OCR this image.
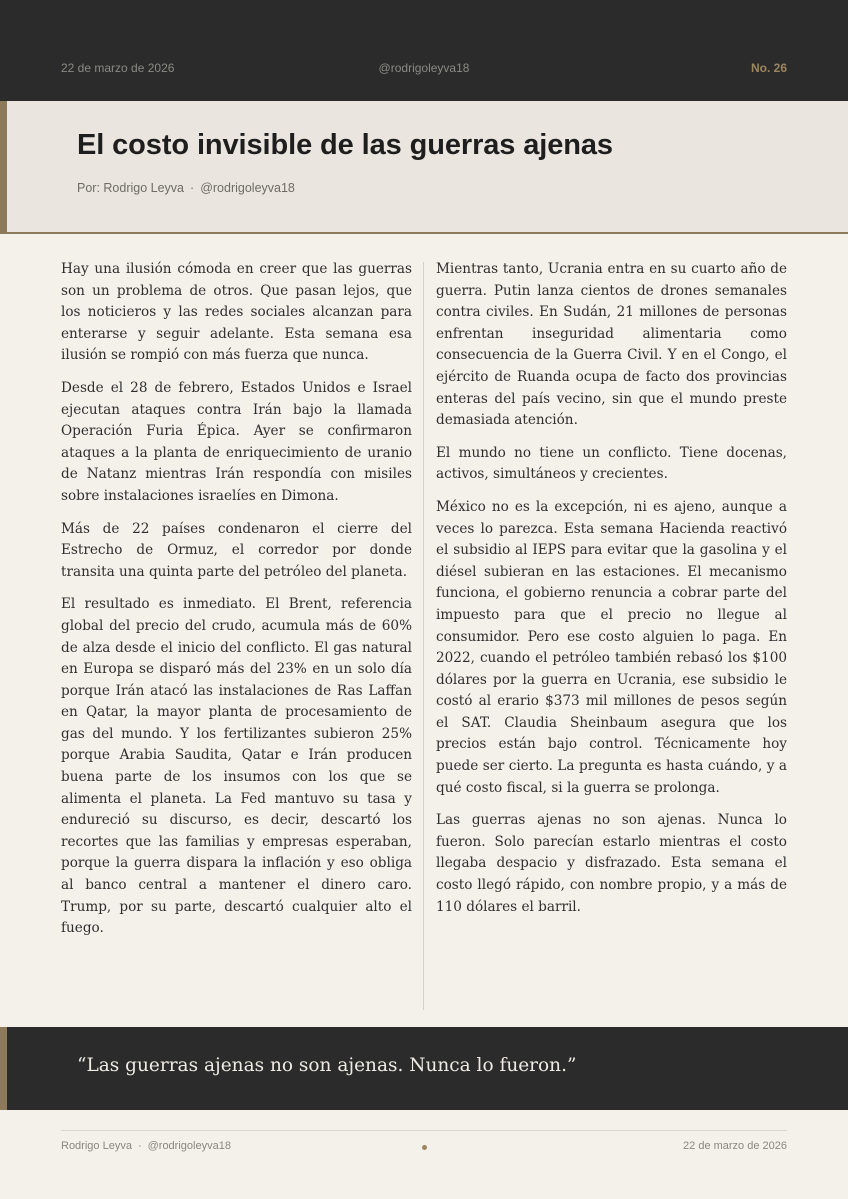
22 de marzo de 2026	@rodrigoleyva18	No. 26
El costo invisible de las guerras ajenas
Por: Rodrigo Leyva · @rodrigoleyva18

Hay una ilusión cómoda en creer que las guerras son un problema de otros. Que pasan lejos, que los noticieros y las redes sociales alcanzan para enterarse y seguir adelante. Esta semana esa ilusión se rompió con más fuerza que nunca.

Desde el 28 de febrero, Estados Unidos e Israel ejecutan ataques contra Irán bajo la llamada Operación Furia Épica. Ayer se confirmaron ataques a la planta de enriquecimiento de uranio de Natanz mientras Irán respondía con misiles sobre instalaciones israelíes en Dimona.

Más de 22 países condenaron el cierre del Estrecho de Ormuz, el corredor por donde transita una quinta parte del petróleo del planeta.

El resultado es inmediato. El Brent, referencia global del precio del crudo, acumula más de 60% de alza desde el inicio del conflicto. El gas natural en Europa se disparó más del 23% en un solo día porque Irán atacó las instalaciones de Ras Laffan en Qatar, la mayor planta de procesamiento de gas del mundo. Y los fertilizantes subieron 25% porque Arabia Saudita, Qatar e Irán producen buena parte de los insumos con los que se alimenta el planeta. La Fed mantuvo su tasa y endureció su discurso, es decir, descartó los recortes que las familias y empresas esperaban, porque la guerra dispara la inflación y eso obliga al banco central a mantener el dinero caro. Trump, por su parte, descartó cualquier alto el fuego.

Mientras tanto, Ucrania entra en su cuarto año de guerra. Putin lanza cientos de drones semanales contra civiles. En Sudán, 21 millones de personas enfrentan inseguridad alimentaria como consecuencia de la Guerra Civil. Y en el Congo, el ejército de Ruanda ocupa de facto dos provincias enteras del país vecino, sin que el mundo preste demasiada atención.

El mundo no tiene un conflicto. Tiene docenas, activos, simultáneos y crecientes.

México no es la excepción, ni es ajeno, aunque a veces lo parezca. Esta semana Hacienda reactivó el subsidio al IEPS para evitar que la gasolina y el diésel subieran en las estaciones. El mecanismo funciona, el gobierno renuncia a cobrar parte del impuesto para que el precio no llegue al consumidor. Pero ese costo alguien lo paga. En 2022, cuando el petróleo también rebasó los $100 dólares por la guerra en Ucrania, ese subsidio le costó al erario $373 mil millones de pesos según el SAT. Claudia Sheinbaum asegura que los precios están bajo control. Técnicamente hoy puede ser cierto. La pregunta es hasta cuándo, y a qué costo fiscal, si la guerra se prolonga.

Las guerras ajenas no son ajenas. Nunca lo fueron. Solo parecían estarlo mientras el costo llegaba despacio y disfrazado. Esta semana el costo llegó rápido, con nombre propio, y a más de 110 dólares el barril.

“Las guerras ajenas no son ajenas. Nunca lo fueron.”
Rodrigo Leyva · @rodrigoleyva18	22 de marzo de 2026
